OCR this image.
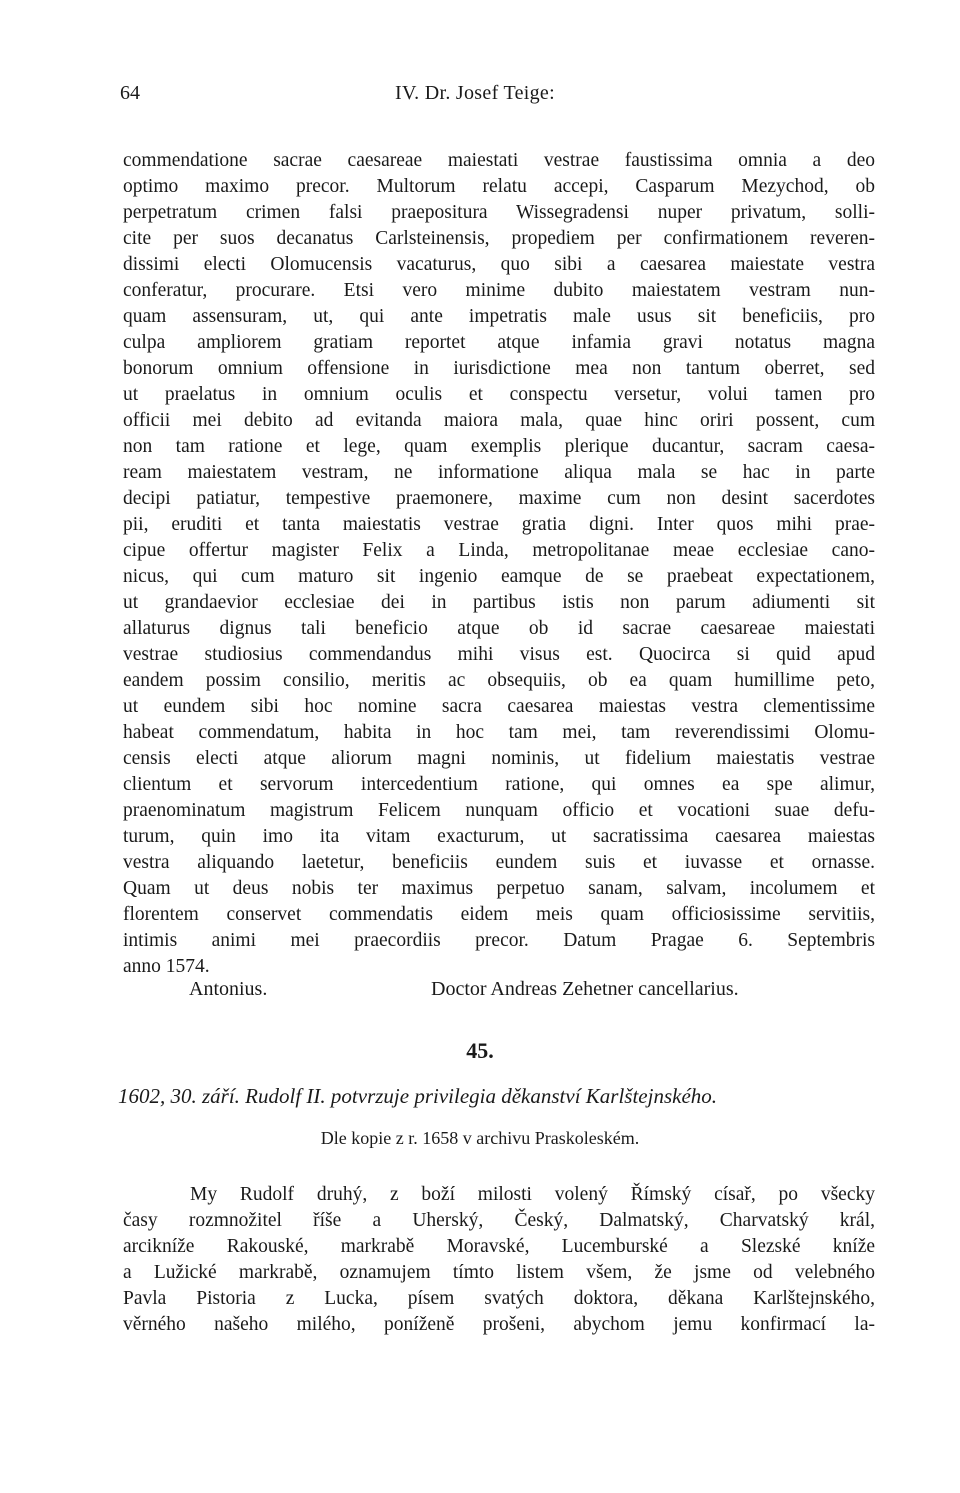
64	IV. Dr. Josef Teige:
commendatione sacrae caesareae maiestati vestrae faustissima omnia a deo
optimo maximo precor. Multorum relatu accepi, Casparum Mezychod, ob
perpetratum crimen falsi praepositura Wissegradensi nuper privatum, solli-
cite per suos decanatus Carlsteinensis, propediem per confirmationem reveren-
dissimi electi Olomucensis vacaturus, quo sibi a caesarea maiestate vestra
conferatur, procurare. Etsi vero minime dubito maiestatem vestram nun-
quam assensuram, ut, qui ante impetratis male usus sit beneficiis, pro
culpa ampliorem gratiam reportet atque infamia gravi notatus magna
bonorum omnium offensione in iurisdictione mea non tantum oberret, sed
ut praelatus in omnium oculis et conspectu versetur, volui tamen pro
officii mei debito ad evitanda maiora mala, quae hinc oriri possent, cum
non tam ratione et lege, quam exemplis plerique ducantur, sacram caesa-
ream maiestatem vestram, ne informatione aliqua mala se hac in parte
decipi patiatur, tempestive praemonere, maxime cum non desint sacerdotes
pii, eruditi et tanta maiestatis vestrae gratia digni. Inter quos mihi prae-
cipue offertur magister Felix a Linda, metropolitanae meae ecclesiae cano-
nicus, qui cum maturo sit ingenio eamque de se praebeat expectationem,
ut grandaevior ecclesiae dei in partibus istis non parum adiumenti sit
allaturus dignus tali beneficio atque ob id sacrae caesareae maiestati
vestrae studiosius commendandus mihi visus est. Quocirca si quid apud
eandem possim consilio, meritis ac obsequiis, ob ea quam humillime peto,
ut eundem sibi hoc nomine sacra caesarea maiestas vestra clementissime
habeat commendatum, habita in hoc tam mei, tam reverendissimi Olomu-
censis electi atque aliorum magni nominis, ut fidelium maiestatis vestrae
clientum et servorum intercedentium ratione, qui omnes ea spe alimur,
praenominatum magistrum Felicem nunquam officio et vocationi suae defu-
turum, quin imo ita vitam exacturum, ut sacratissima caesarea maiestas
vestra aliquando laetetur, beneficiis eundem suis et iuvasse et ornasse.
Quam ut deus nobis ter maximus perpetuo sanam, salvam, incolumem et
florentem conservet commendatis eidem meis quam officiosissime servitiis,
intimis animi mei praecordiis precor. Datum Pragae 6. Septembris
anno 1574.
Antonius.	Doctor Andreas Zehetner cancellarius.
45.
1602, 30. září. Rudolf II. potvrzuje privilegia děkanství Karlštejnského.
Dle kopie z r. 1658 v archivu Praskoleském.
My Rudolf druhý, z boží milosti volený Římský císař, po všecky
časy rozmnožitel říše a Uherský, Český, Dalmatský, Charvatský král,
arcikníže Rakouské, markrabě Moravské, Lucemburské a Slezské kníže
a Lužické markrabě, oznamujem tímto listem všem, že jsme od velebného
Pavla Pistoria z Lucka, písem svatých doktora, děkana Karlštejnského,
věrného našeho milého, poníženě prošeni, abychom jemu konfirmací la-
